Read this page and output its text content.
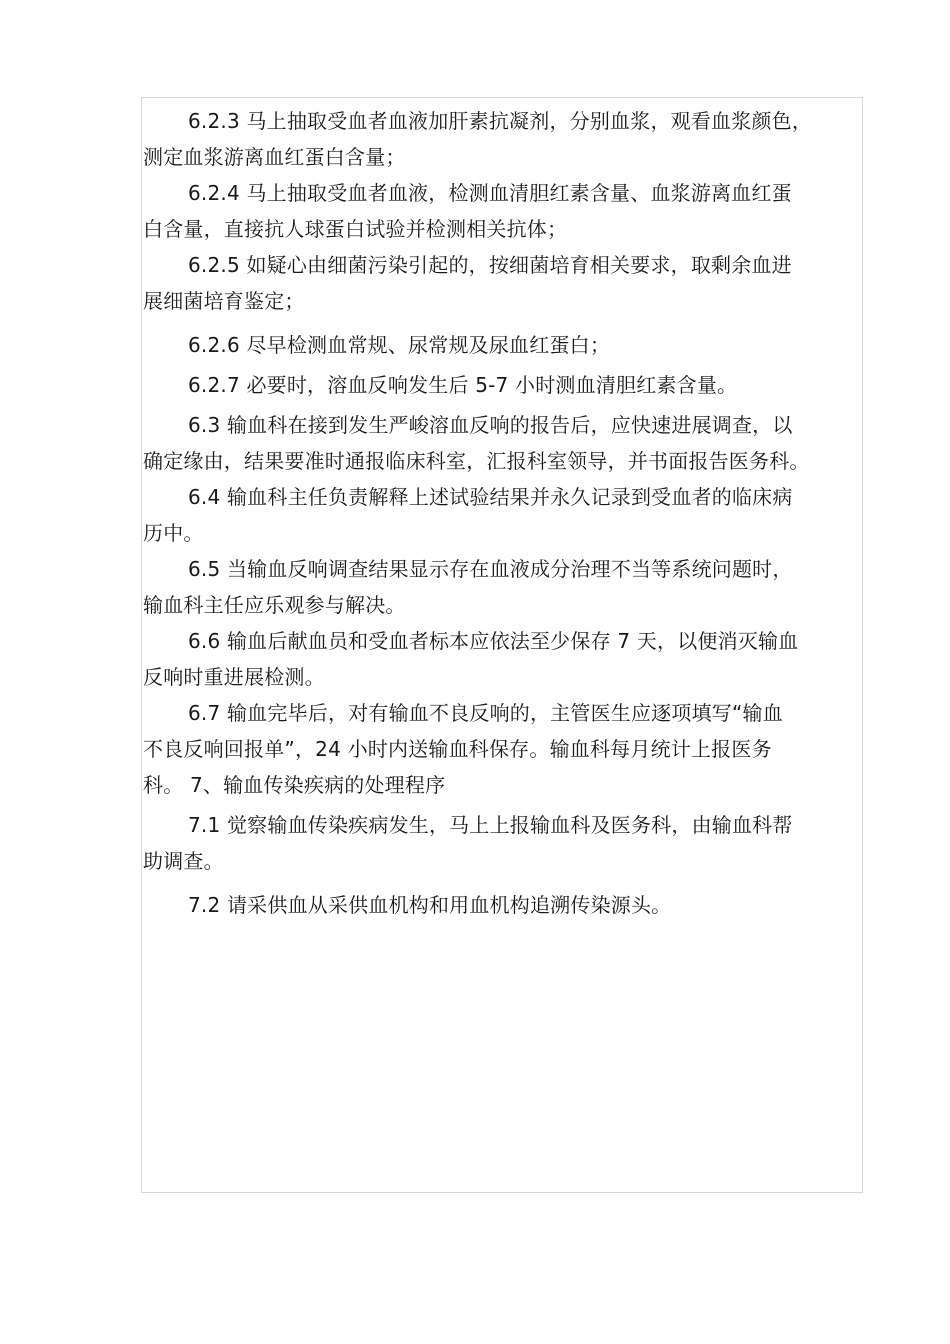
6.2.3 马上抽取受血者血液加肝素抗凝剂，分别血浆，观看血浆颜色，
测定血浆游离血红蛋白含量；

6.2.4 马上抽取受血者血液，检测血清胆红素含量、血浆游离血红蛋
白含量，直接抗人球蛋白试验并检测相关抗体；

6.2.5 如疑心由细菌污染引起的，按细菌培育相关要求，取剩余血进
展细菌培育鉴定；

6.2.6 尽早检测血常规、尿常规及尿血红蛋白；

6.2.7 必要时，溶血反响发生后 5-7 小时测血清胆红素含量。

6.3 输血科在接到发生严峻溶血反响的报告后，应快速进展调查，以
确定缘由，结果要准时通报临床科室，汇报科室领导，并书面报告医务科。

6.4 输血科主任负责解释上述试验结果并永久记录到受血者的临床病
历中。

6.5 当输血反响调查结果显示存在血液成分治理不当等系统问题时，
输血科主任应乐观参与解决。

6.6 输血后献血员和受血者标本应依法至少保存 7 天，以便消灭输血
反响时重进展检测。

6.7 输血完毕后，对有输血不良反响的，主管医生应逐项填写“输血
不良反响回报单”，24 小时内送输血科保存。输血科每月统计上报医务
科。 7、输血传染疾病的处理程序

7.1 觉察输血传染疾病发生，马上上报输血科及医务科，由输血科帮
助调查。

7.2 请采供血从采供血机构和用血机构追溯传染源头。
